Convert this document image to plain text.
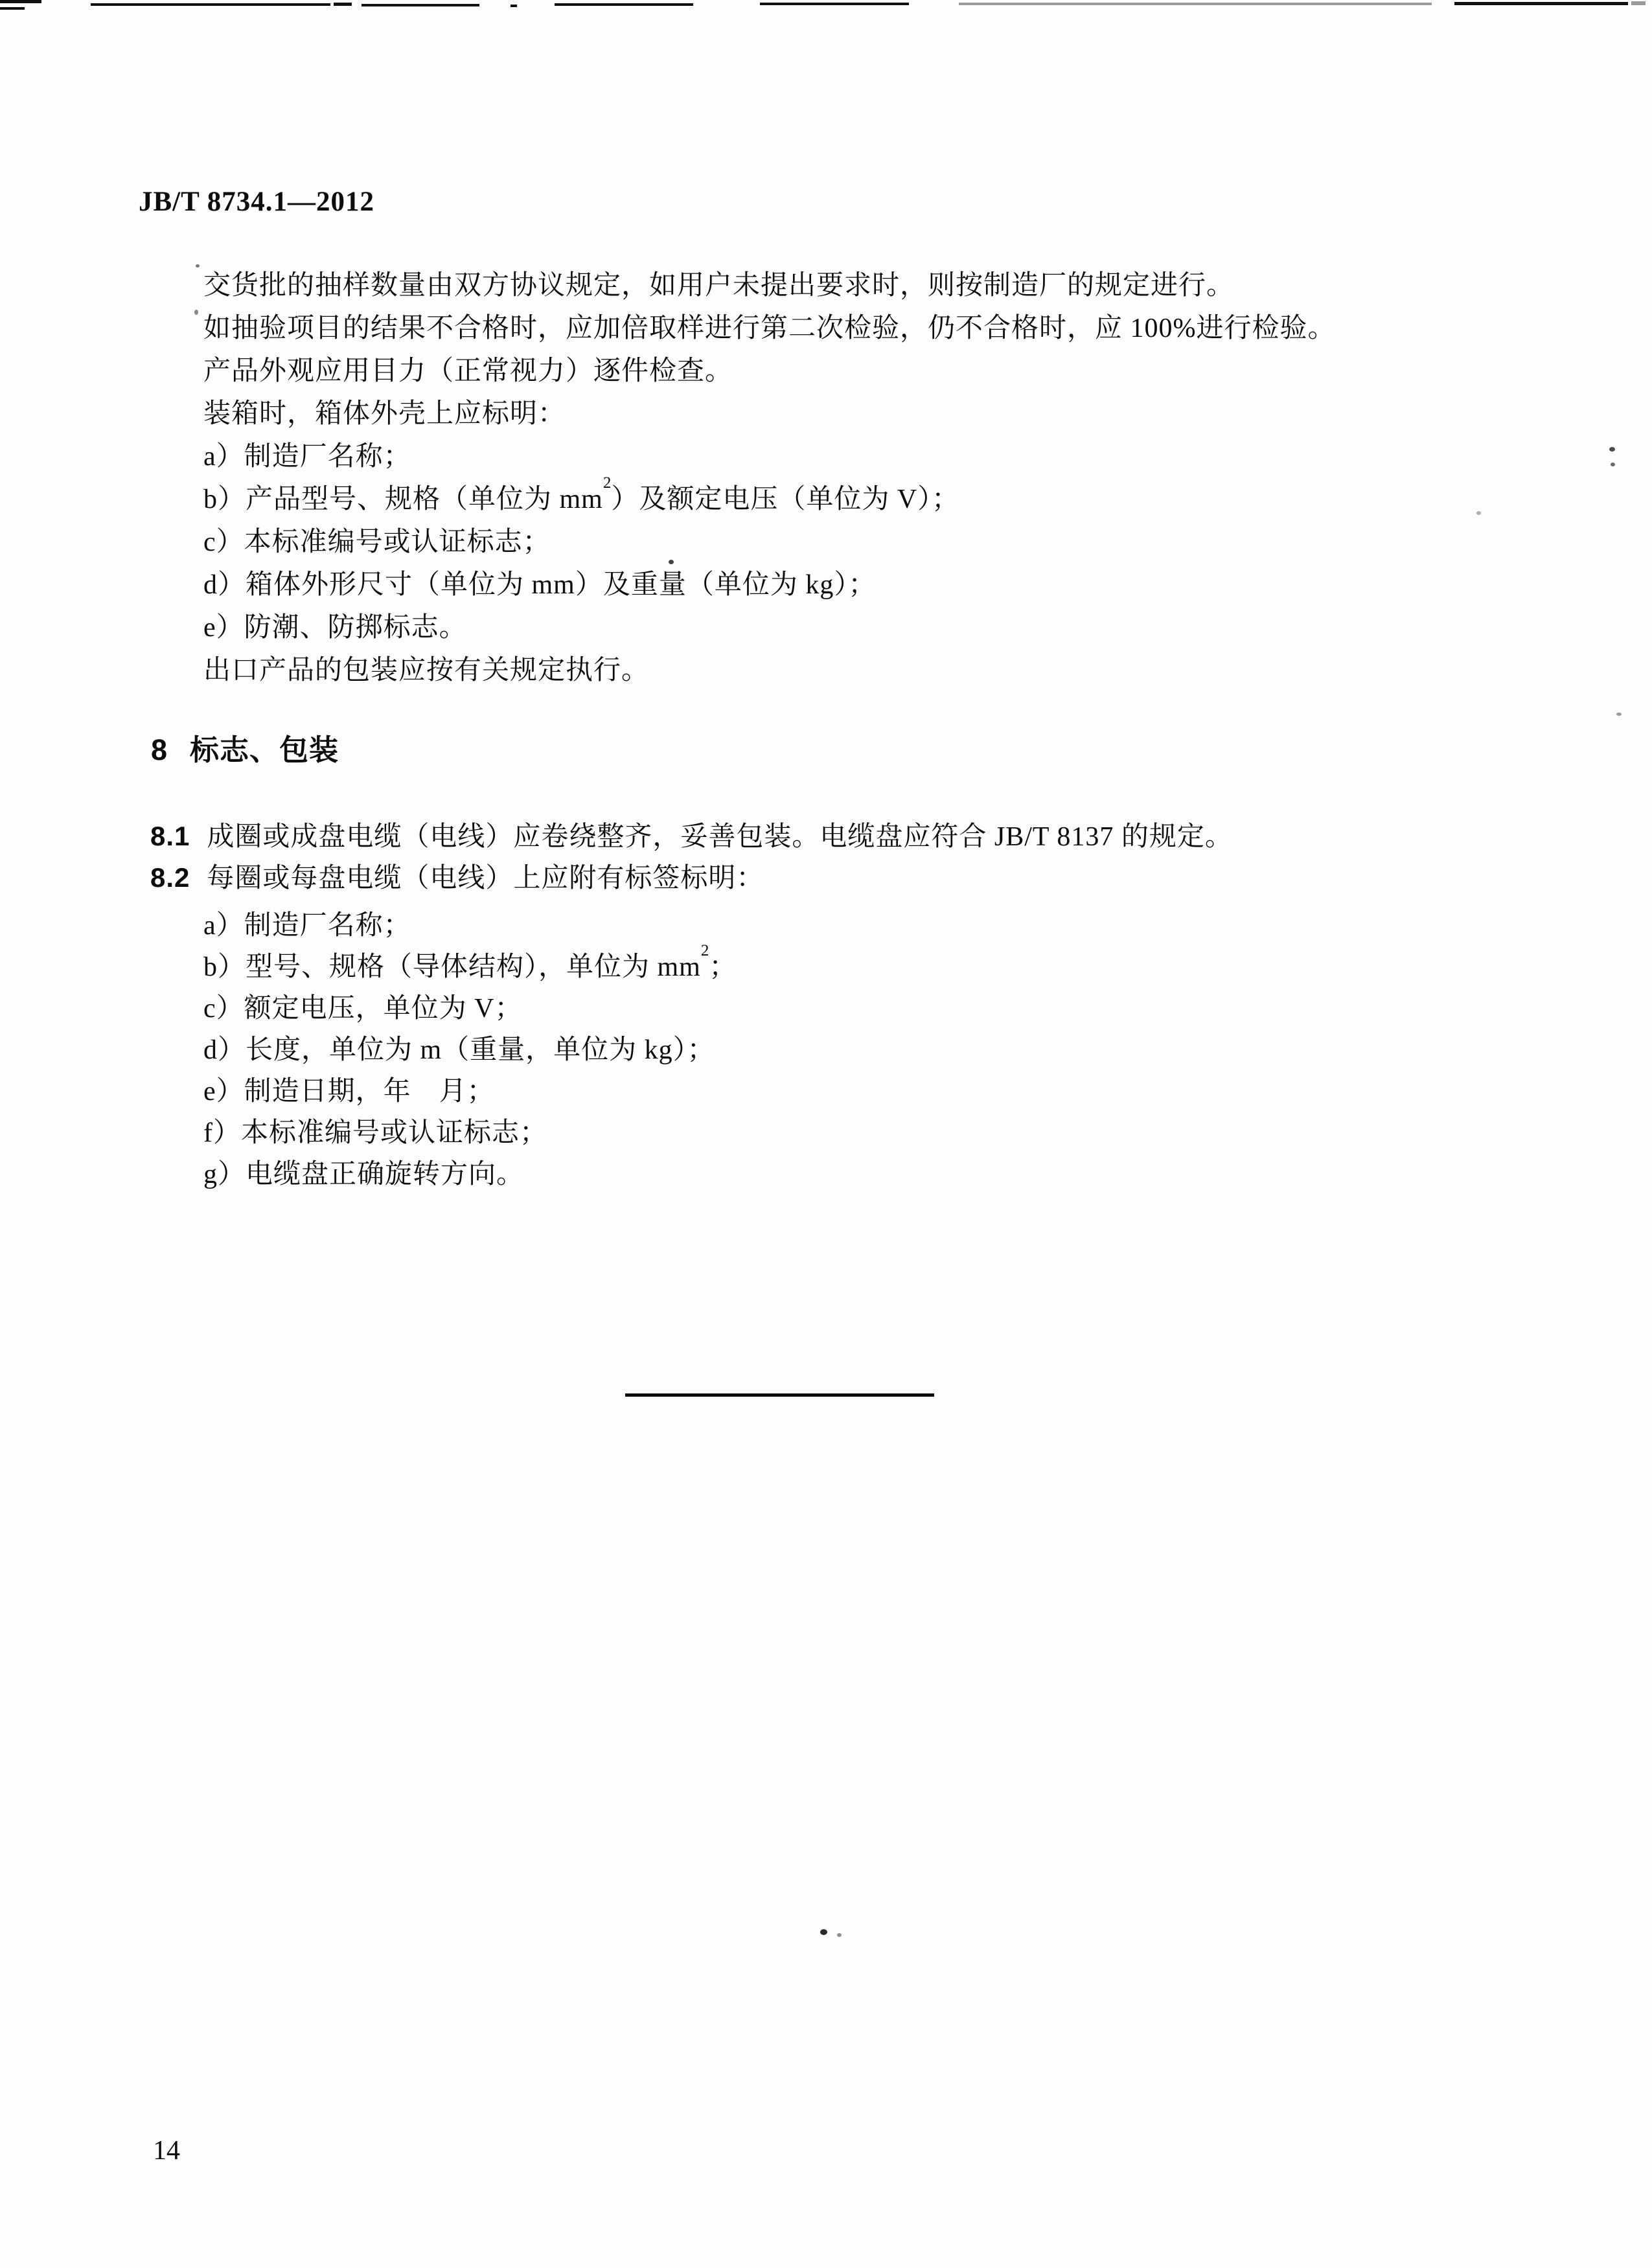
JB/T 8734.1—2012
交货批的抽样数量由双方协议规定，如用户未提出要求时，则按制造厂的规定进行。
如抽验项目的结果不合格时，应加倍取样进行第二次检验，仍不合格时，应 100%进行检验。
产品外观应用目力（正常视力）逐件检查。
装箱时，箱体外壳上应标明：
a）制造厂名称；
b）产品型号、规格（单位为 $mm^2$）及额定电压（单位为 V）；
c）本标准编号或认证标志；
d）箱体外形尺寸（单位为 mm）及重量（单位为 kg）；
e）防潮、防掷标志。
出口产品的包装应按有关规定执行。
8 标志、包装
8.1 成圈或成盘电缆（电线）应卷绕整齐，妥善包装。电缆盘应符合 JB/T 8137 的规定。
8.2 每圈或每盘电缆（电线）上应附有标签标明：
a）制造厂名称；
b）型号、规格（导体结构），单位为 $mm^2$；
c）额定电压，单位为 V；
d）长度，单位为 m（重量，单位为 kg）；
e）制造日期，年　月；
f）本标准编号或认证标志；
g）电缆盘正确旋转方向。
14
